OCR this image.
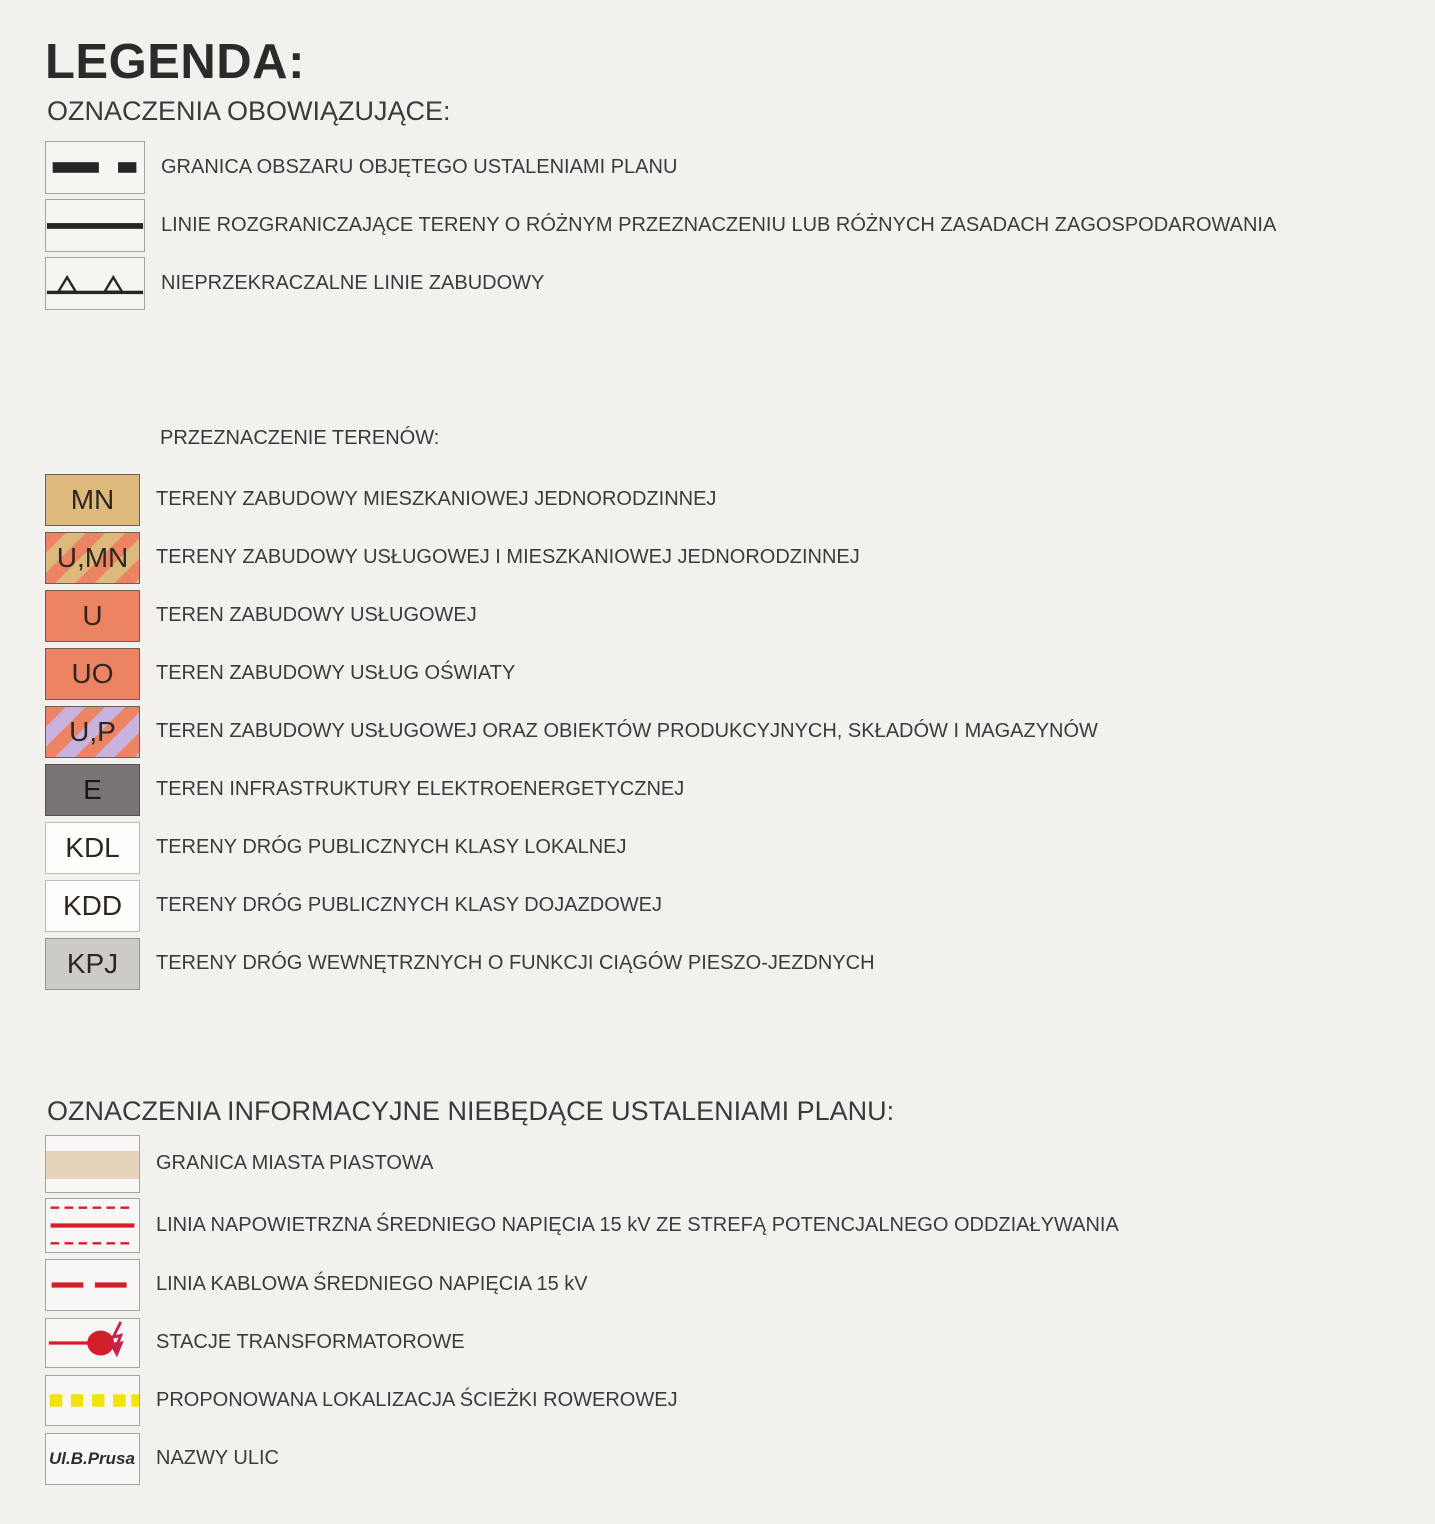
LEGENDA:
OZNACZENIA OBOWIĄZUJĄCE:
GRANICA OBSZARU OBJĘTEGO USTALENIAMI PLANU
LINIE ROZGRANICZAJĄCE TERENY O RÓŻNYM PRZEZNACZENIU LUB RÓŻNYCH ZASADACH ZAGOSPODAROWANIA
NIEPRZEKRACZALNE LINIE ZABUDOWY
PRZEZNACZENIE TERENÓW:
MN TERENY ZABUDOWY MIESZKANIOWEJ JEDNORODZINNEJ
U,MN TERENY ZABUDOWY USŁUGOWEJ I MIESZKANIOWEJ JEDNORODZINNEJ
U	TEREN ZABUDOWY USŁUGOWEJ
UO TEREN ZABUDOWY USŁUG OŚWIATY
U,P TEREN ZABUDOWY USŁUGOWEJ ORAZ OBIEKTÓW PRODUKCYJNYCH, SKŁADÓW I MAGAZYNÓW
E	TEREN INFRASTRUKTURY ELEKTROENERGETYCZNEJ
KDL TERENY DRÓG PUBLICZNYCH KLASY LOKALNEJ
KDD TERENY DRÓG PUBLICZNYCH KLASY DOJAZDOWEJ
KPJ TERENY DRÓG WEWNĘTRZNYCH O FUNKCJI CIĄGÓW PIESZO-JEZDNYCH
OZNACZENIA INFORMACYJNE NIEBĘDĄCE USTALENIAMI PLANU:
GRANICA MIASTA PIASTOWA
LINIA NAPOWIETRZNA ŚREDNIEGO NAPIĘCIA 15 kV ZE STREFĄ POTENCJALNEGO ODDZIAŁYWANIA
LINIA KABLOWA ŚREDNIEGO NAPIĘCIA 15 kV
STACJE TRANSFORMATOROWE
PROPONOWANA LOKALIZACJA ŚCIEŻKI ROWEROWEJ
Ul.B.Prusa NAZWY ULIC
